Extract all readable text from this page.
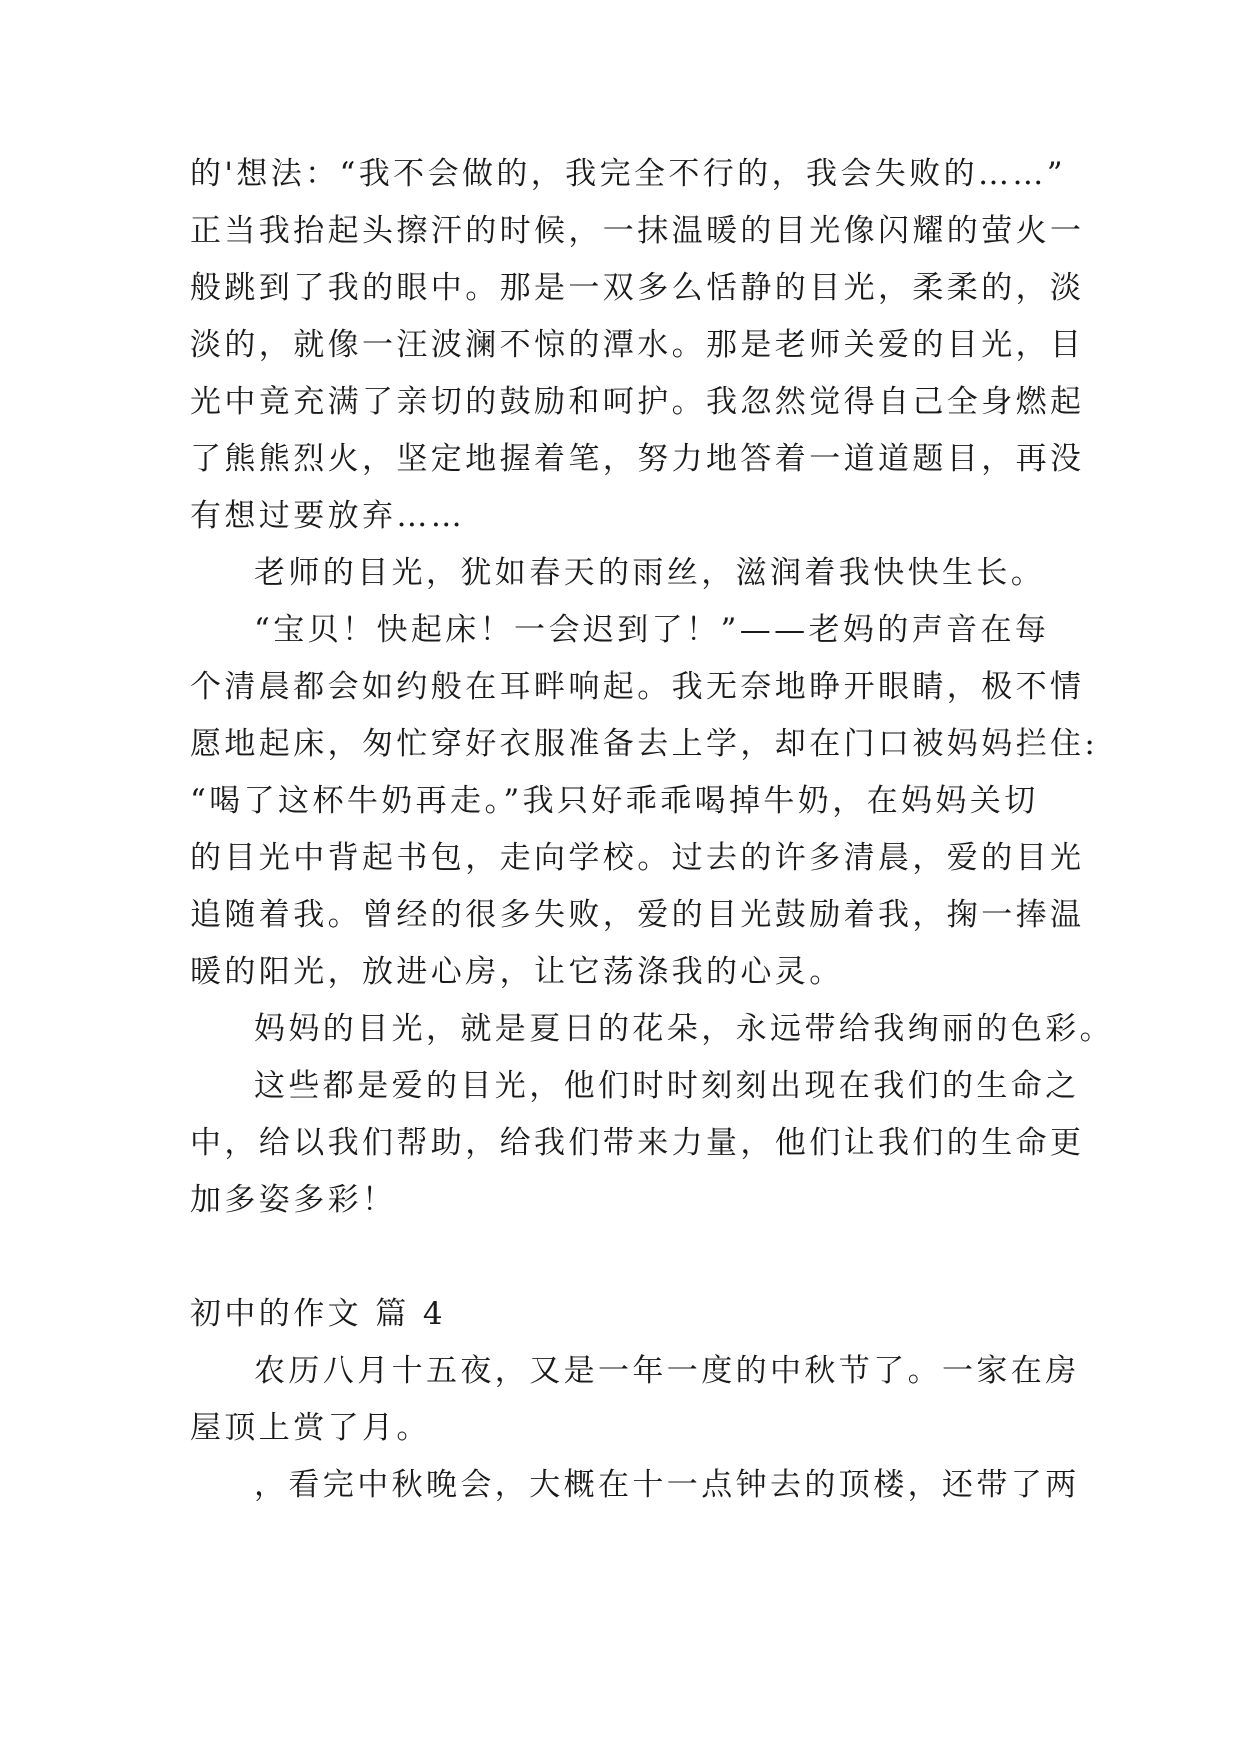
的'想法：“我不会做的，我完全不行的，我会失败的……”
正当我抬起头擦汗的时候，一抹温暖的目光像闪耀的萤火一
般跳到了我的眼中。那是一双多么恬静的目光，柔柔的，淡
淡的，就像一汪波澜不惊的潭水。那是老师关爱的目光，目
光中竟充满了亲切的鼓励和呵护。我忽然觉得自己全身燃起
了熊熊烈火，坚定地握着笔，努力地答着一道道题目，再没
有想过要放弃……
老师的目光，犹如春天的雨丝，滋润着我快快生长。
“宝贝！快起床！一会迟到了！”——老妈的声音在每
个清晨都会如约般在耳畔响起。我无奈地睁开眼睛，极不情
愿地起床，匆忙穿好衣服准备去上学，却在门口被妈妈拦住:
“喝了这杯牛奶再走。”我只好乖乖喝掉牛奶，在妈妈关切
的目光中背起书包，走向学校。过去的许多清晨，爱的目光
追随着我。曾经的很多失败，爱的目光鼓励着我，掬一捧温
暖的阳光，放进心房，让它荡涤我的心灵。
妈妈的目光，就是夏日的花朵，永远带给我绚丽的色彩。
这些都是爱的目光，他们时时刻刻出现在我们的生命之
中，给以我们帮助，给我们带来力量，他们让我们的生命更
加多姿多彩！
初中的作文 篇 4
农历八月十五夜，又是一年一度的中秋节了。一家在房
屋顶上赏了月。
，看完中秋晚会，大概在十一点钟去的顶楼，还带了两
